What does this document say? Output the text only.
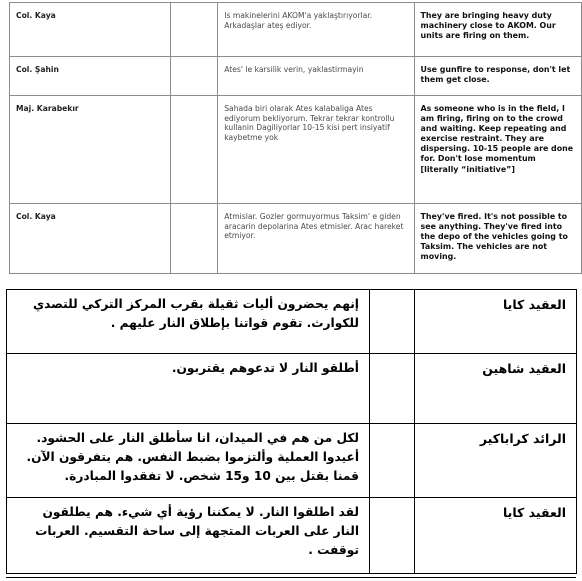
Col. Kaya		Is makinelerini AKOM'a yaklaştırıyorlar. Arkadaşlar ateş ediyor.	They are bringing heavy duty machinery close to AKOM. Our units are firing on them.
Col. Şahin		Ates' le karsilik verin, yaklastirmayin	Use gunfire to response, don't let them get close.
Maj. Karabekır		Sahada biri olarak Ates kalabaliga Ates ediyorum bekliyorum. Tekrar tekrar kontrollu kullanin Dagiliyorlar 10-15 kisi pert insiyatif kaybetme yok	As someone who is in the field, I am firing, firing on to the crowd and waiting. Keep repeating and exercise restraint. They are dispersing. 10-15 people are done for. Don't lose momentum [literally “initiative”]
Col. Kaya		Atmislar. Gozler gormuyormus Taksim' e giden aracarin depolarina Ates etmisler. Arac hareket etmiyor.	They've fired. It's not possible to see anything. They've fired into the depo of the vehicles going to Taksim. The vehicles are not moving.
العقيد كايا		إنهم يحضرون أليات ثقيلة بقرب المركز التركي للتصدي للكوارث. تقوم قواتنا بإطلاق النار عليهم .
العقيد شاهين		أطلقو النار لا تدعوهم يقتربون.
الرائد كراباكير		لكل من هم في الميدان، انا سأطلق النار على الحشود. أعيدوا العملية وألتزموا بضبط النفس. هم يتفرقون الآن. قمنا بقتل بين 10 و15 شخص. لا تفقدوا المبادرة.
العقيد كايا		لقد اطلقوا النار. لا يمكننا رؤية أي شيء. هم يطلقون النار على العربات المتجهة إلى ساحة التقسيم. العربات توقفت .
